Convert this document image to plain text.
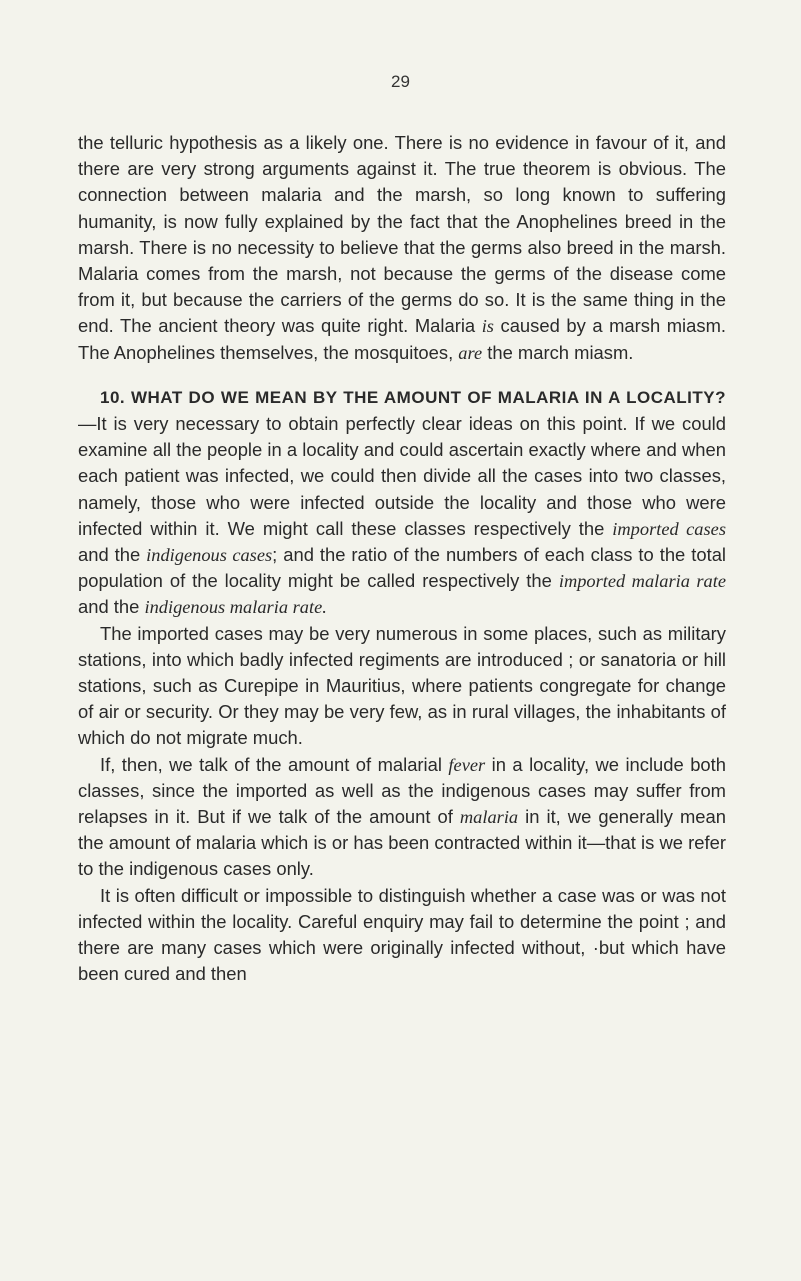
29

the telluric hypothesis as a likely one. There is no evidence in favour of it, and there are very strong arguments against it. The true theorem is obvious. The connection between malaria and the marsh, so long known to suffering humanity, is now fully explained by the fact that the Anophelines breed in the marsh. There is no necessity to believe that the germs also breed in the marsh. Malaria comes from the marsh, not because the germs of the disease come from it, but because the carriers of the germs do so. It is the same thing in the end. The ancient theory was quite right. Malaria is caused by a marsh miasm. The Anophelines themselves, the mosquitoes, are the march miasm.

10. WHAT DO WE MEAN BY THE AMOUNT OF MALARIA IN A LOCALITY?—It is very necessary to obtain perfectly clear ideas on this point. If we could examine all the people in a locality and could ascertain exactly where and when each patient was infected, we could then divide all the cases into two classes, namely, those who were infected outside the locality and those who were infected within it. We might call these classes respectively the imported cases and the indigenous cases; and the ratio of the numbers of each class to the total population of the locality might be called respectively the imported malaria rate and the indigenous malaria rate.

The imported cases may be very numerous in some places, such as military stations, into which badly infected regiments are introduced ; or sanatoria or hill stations, such as Curepipe in Mauritius, where patients congregate for change of air or security. Or they may be very few, as in rural villages, the inhabitants of which do not migrate much.

If, then, we talk of the amount of malarial fever in a locality, we include both classes, since the imported as well as the indigenous cases may suffer from relapses in it. But if we talk of the amount of malaria in it, we generally mean the amount of malaria which is or has been contracted within it—that is we refer to the indigenous cases only.

It is often difficult or impossible to distinguish whether a case was or was not infected within the locality. Careful enquiry may fail to determine the point ; and there are many cases which were originally infected without, ·but which have been cured and then
